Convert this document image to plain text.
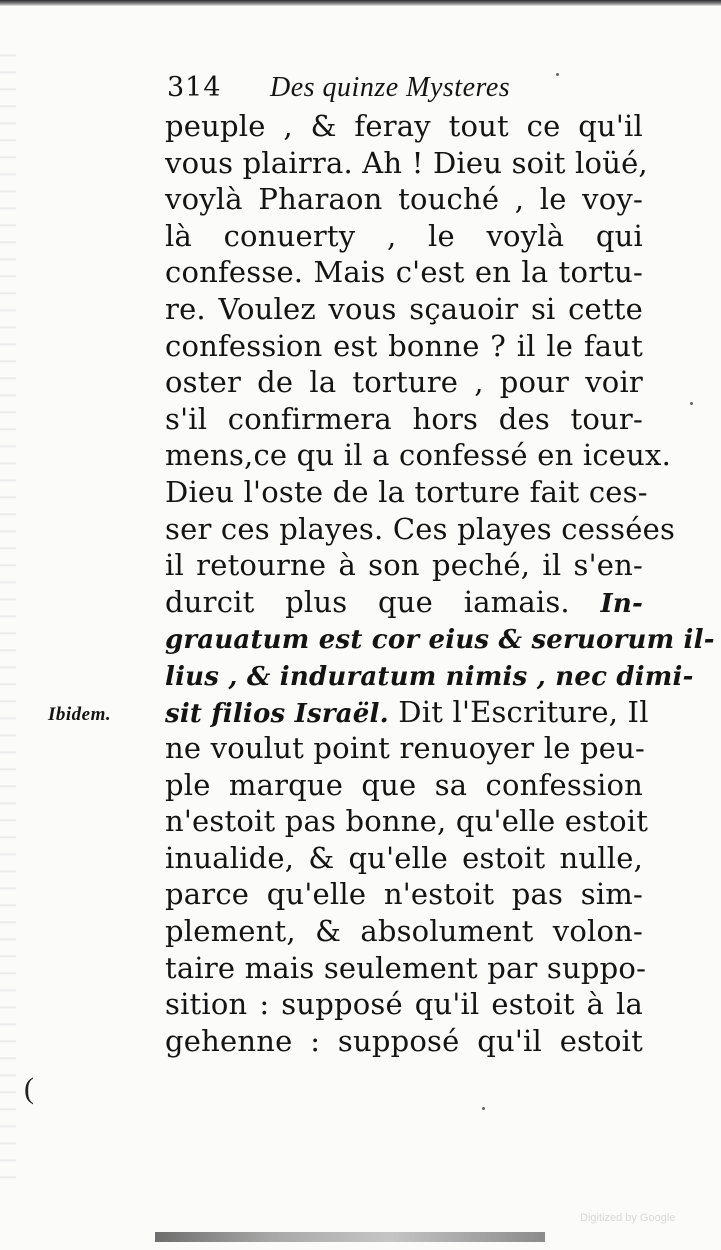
314 Des quinze Mysteres
Ibidem.
peuple , & feray tout ce qu'il
vous plairra. Ah ! Dieu soit loüé,
voylà Pharaon touché , le voy-
là conuerty , le voylà qui
confesse. Mais c'est en la tortu-
re. Voulez vous sçauoir si cette
confession est bonne ? il le faut
oster de la torture , pour voir
s'il confirmera hors des tour-
mens,ce qu il a confessé en iceux.
Dieu l'oste de la torture fait ces-
ser ces playes. Ces playes cessées
il retourne à son peché, il s'en-
durcit plus que iamais. In-
grauatum est cor eius & seruorum il-
lius , & induratum nimis , nec dimi-
sit filios Israël. Dit l'Escriture, Il
ne voulut point renuoyer le peu-
ple marque que sa confession
n'estoit pas bonne, qu'elle estoit
inualide, & qu'elle estoit nulle,
parce qu'elle n'estoit pas sim-
plement, & absolument volon-
taire mais seulement par suppo-
sition : supposé qu'il estoit à la
gehenne : supposé qu'il estoit
(
Digitized by Google
